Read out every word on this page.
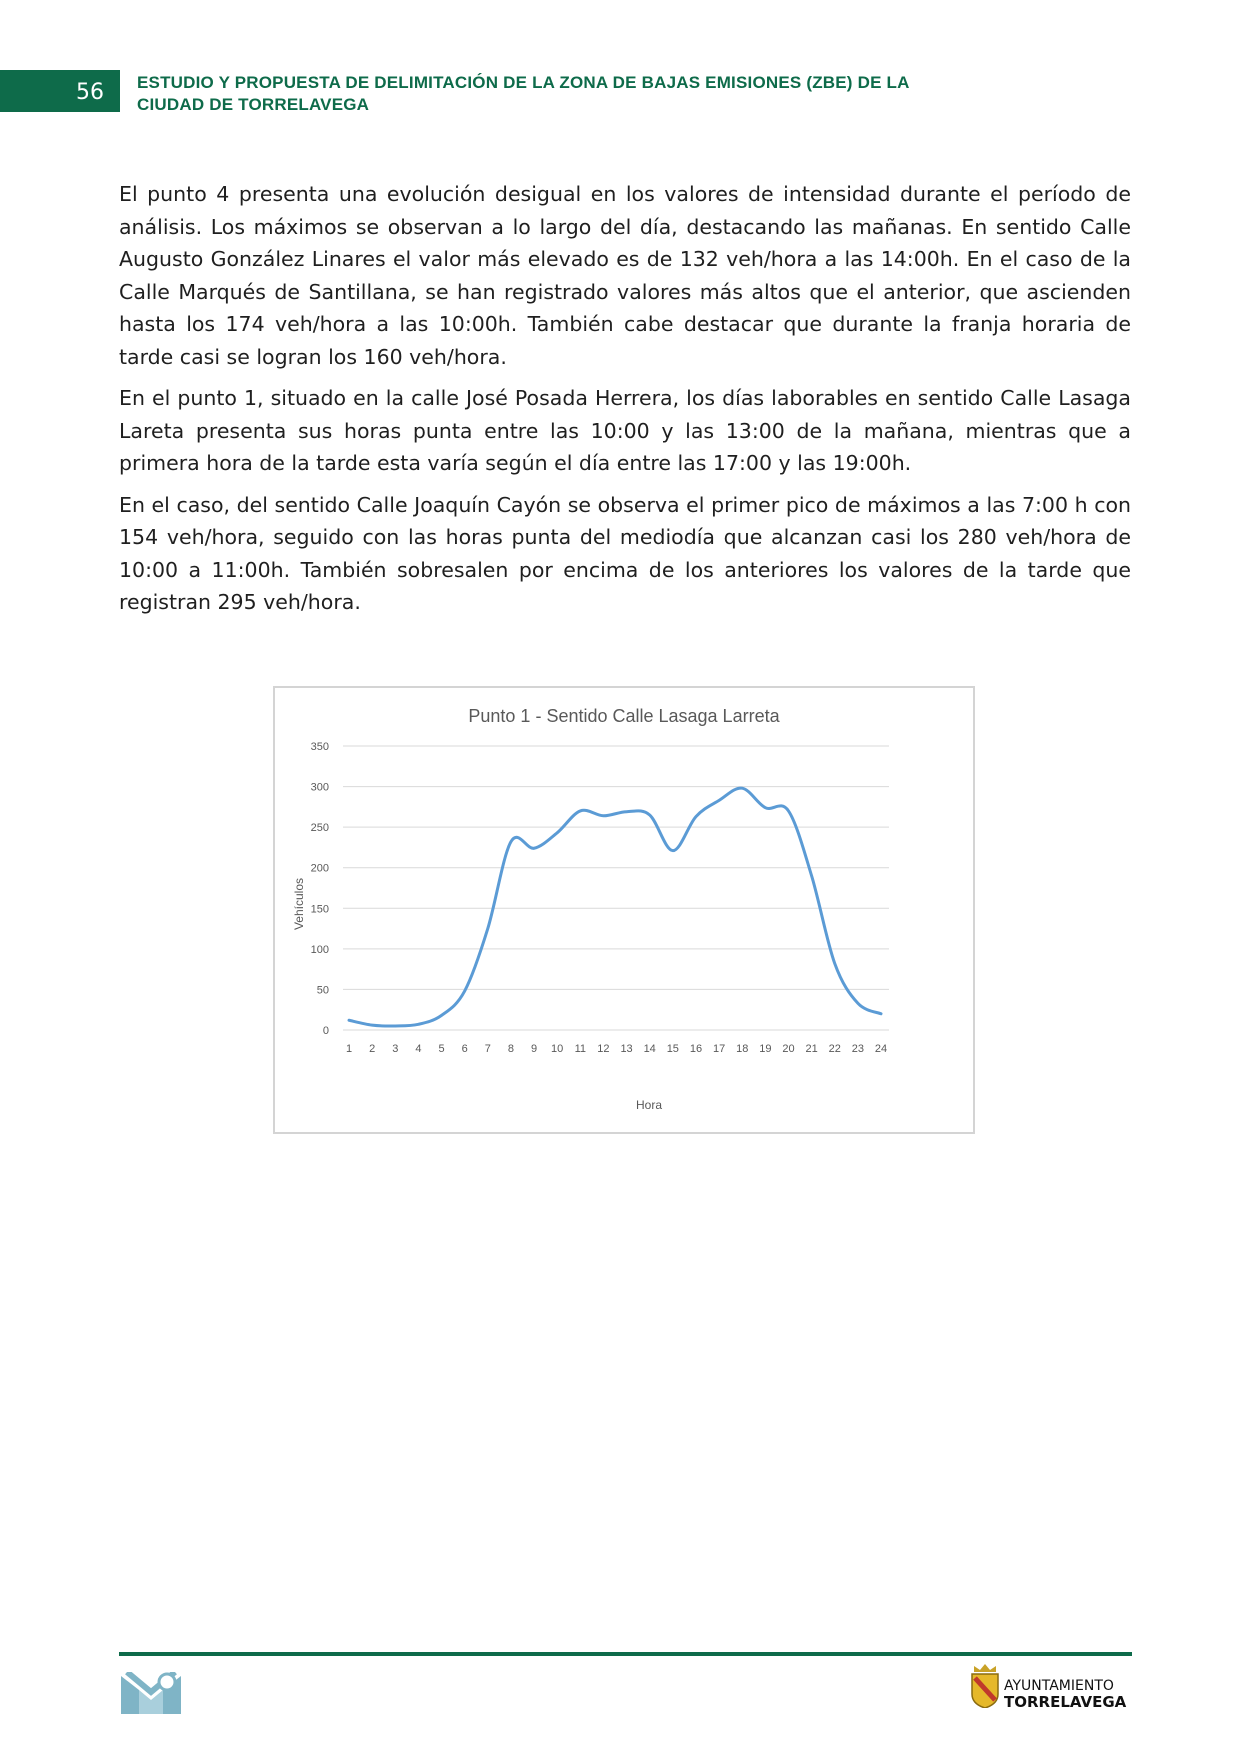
56 ESTUDIO Y PROPUESTA DE DELIMITACIÓN DE LA ZONA DE BAJAS EMISIONES (ZBE) DE LA
CIUDAD DE TORRELAVEGA

El punto 4 presenta una evolución desigual en los valores de intensidad durante el período de análisis. Los máximos se observan a lo largo del día, destacando las mañanas. En sentido Calle Augusto González Linares el valor más elevado es de 132 veh/hora a las 14:00h. En el caso de la Calle Marqués de Santillana, se han registrado valores más altos que el anterior, que ascienden hasta los 174 veh/hora a las 10:00h. También cabe destacar que durante la franja horaria de tarde casi se logran los 160 veh/hora.

En el punto 1, situado en la calle José Posada Herrera, los días laborables en sentido Calle Lasaga Lareta presenta sus horas punta entre las 10:00 y las 13:00 de la mañana, mientras que a primera hora de la tarde esta varía según el día entre las 17:00 y las 19:00h.

En el caso, del sentido Calle Joaquín Cayón se observa el primer pico de máximos a las 7:00 h con 154 veh/hora, seguido con las horas punta del mediodía que alcanzan casi los 280 veh/hora de 10:00 a 11:00h. También sobresalen por encima de los anteriores los valores de la tarde que registran 295 veh/hora.

Punto 1 - Sentido Calle Lasaga Larreta
0
50
100
150
200
250
300
350
1 2 3 4 5 6 7 8 9 10 11 12 13 14 15 16 17 18 19 20 21 22 23 24
Vehículos
Hora
AYUNTAMIENTO
TORRELAVEGA
